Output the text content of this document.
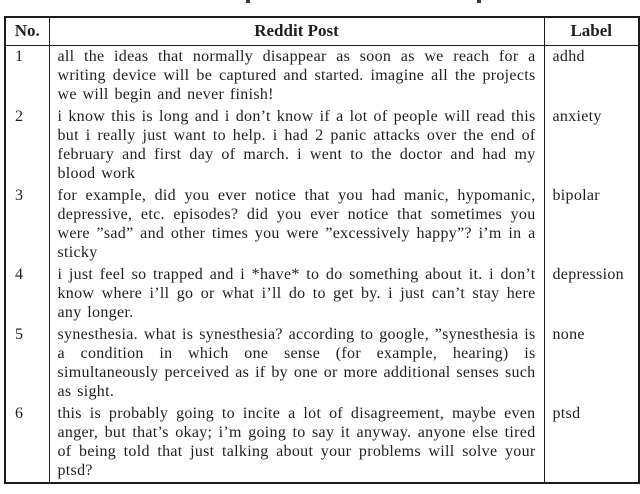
No.	Reddit Post	Label
1	all the ideas that normally disappear as soon as we reach for a writing device will be captured and started. imagine all the projects we will begin and never finish!	adhd
2	i know this is long and i don’t know if a lot of people will read this but i really just want to help. i had 2 panic attacks over the end of february and first day of march. i went to the doctor and had my blood work	anxiety
3	for example, did you ever notice that you had manic, hypomanic, depressive, etc. episodes? did you ever notice that sometimes you were ”sad” and other times you were ”excessively happy”? i’m in a sticky	bipolar
4	i just feel so trapped and i *have* to do something about it. i don’t know where i’ll go or what i’ll do to get by. i just can’t stay here any longer.	depression
5	synesthesia. what is synesthesia? according to google, ”synesthesia is a condition in which one sense (for example, hearing) is simultaneously perceived as if by one or more additional senses such as sight.	none
6	this is probably going to incite a lot of disagreement, maybe even anger, but that’s okay; i’m going to say it anyway. anyone else tired of being told that just talking about your problems will solve your ptsd?	ptsd
